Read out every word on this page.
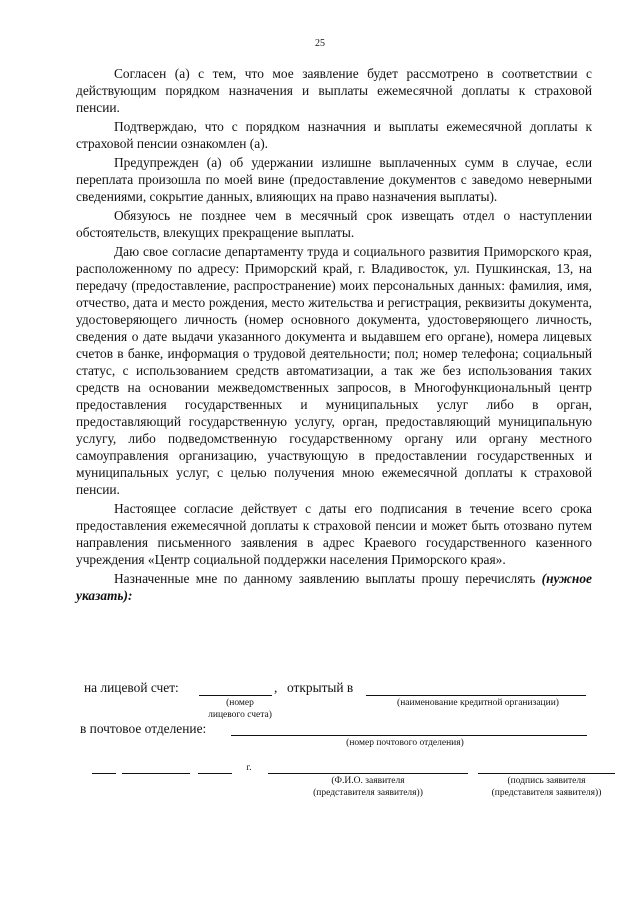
25

Согласен (а) с тем, что мое заявление будет рассмотрено в соответствии с действующим порядком назначения и выплаты ежемесячной доплаты к страховой пенсии.

Подтверждаю, что с порядком назначния и выплаты ежемесячной доплаты к страховой пенсии ознакомлен (а).

Предупрежден (а) об удержании излишне выплаченных сумм в случае, если переплата произошла по моей вине (предоставление документов с заведомо неверными сведениями, сокрытие данных, влияющих на право назначения выплаты).

Обязуюсь не позднее чем в месячный срок извещать отдел о наступлении обстоятельств, влекущих прекращение выплаты.

Даю свое согласие департаменту труда и социального развития Приморского края, расположенному по адресу: Приморский край, г. Владивосток, ул. Пушкинская, 13, на передачу (предоставление, распространение) моих персональных данных: фамилия, имя, отчество, дата и место рождения, место жительства и регистрация, реквизиты документа, удостоверяющего личность (номер основного документа, удостоверяющего личность, сведения о дате выдачи указанного документа и выдавшем его органе), номера лицевых счетов в банке, информация о трудовой деятельности; пол; номер телефона; социальный статус, с использованием средств автоматизации, а так же без использования таких средств на основании межведомственных запросов, в Многофункциональный центр предоставления государственных и муниципальных услуг либо в орган, предоставляющий государственную услугу, орган, предоставляющий муниципальную услугу, либо подведомственную государственному органу или органу местного самоуправления организацию, участвующую в предоставлении государственных и муниципальных услуг, с целью получения мною ежемесячной доплаты к страховой пенсии.

Настоящее согласие действует с даты его подписания в течение всего срока предоставления ежемесячной доплаты к страховой пенсии и может быть отозвано путем направления письменного заявления в адрес Краевого государственного казенного учреждения «Центр социальной поддержки населения Приморского края».

Назначенные мне по данному заявлению выплаты прошу перечислять (нужное указать):

на лицевой счет:	, открытый в
(номер
лицевого счета)
(наименование кредитной организации)
в почтовое отделение:
(номер почтового отделения)
г.
(Ф.И.О. заявителя
(представителя заявителя))
(подпись заявителя
(представителя заявителя))
